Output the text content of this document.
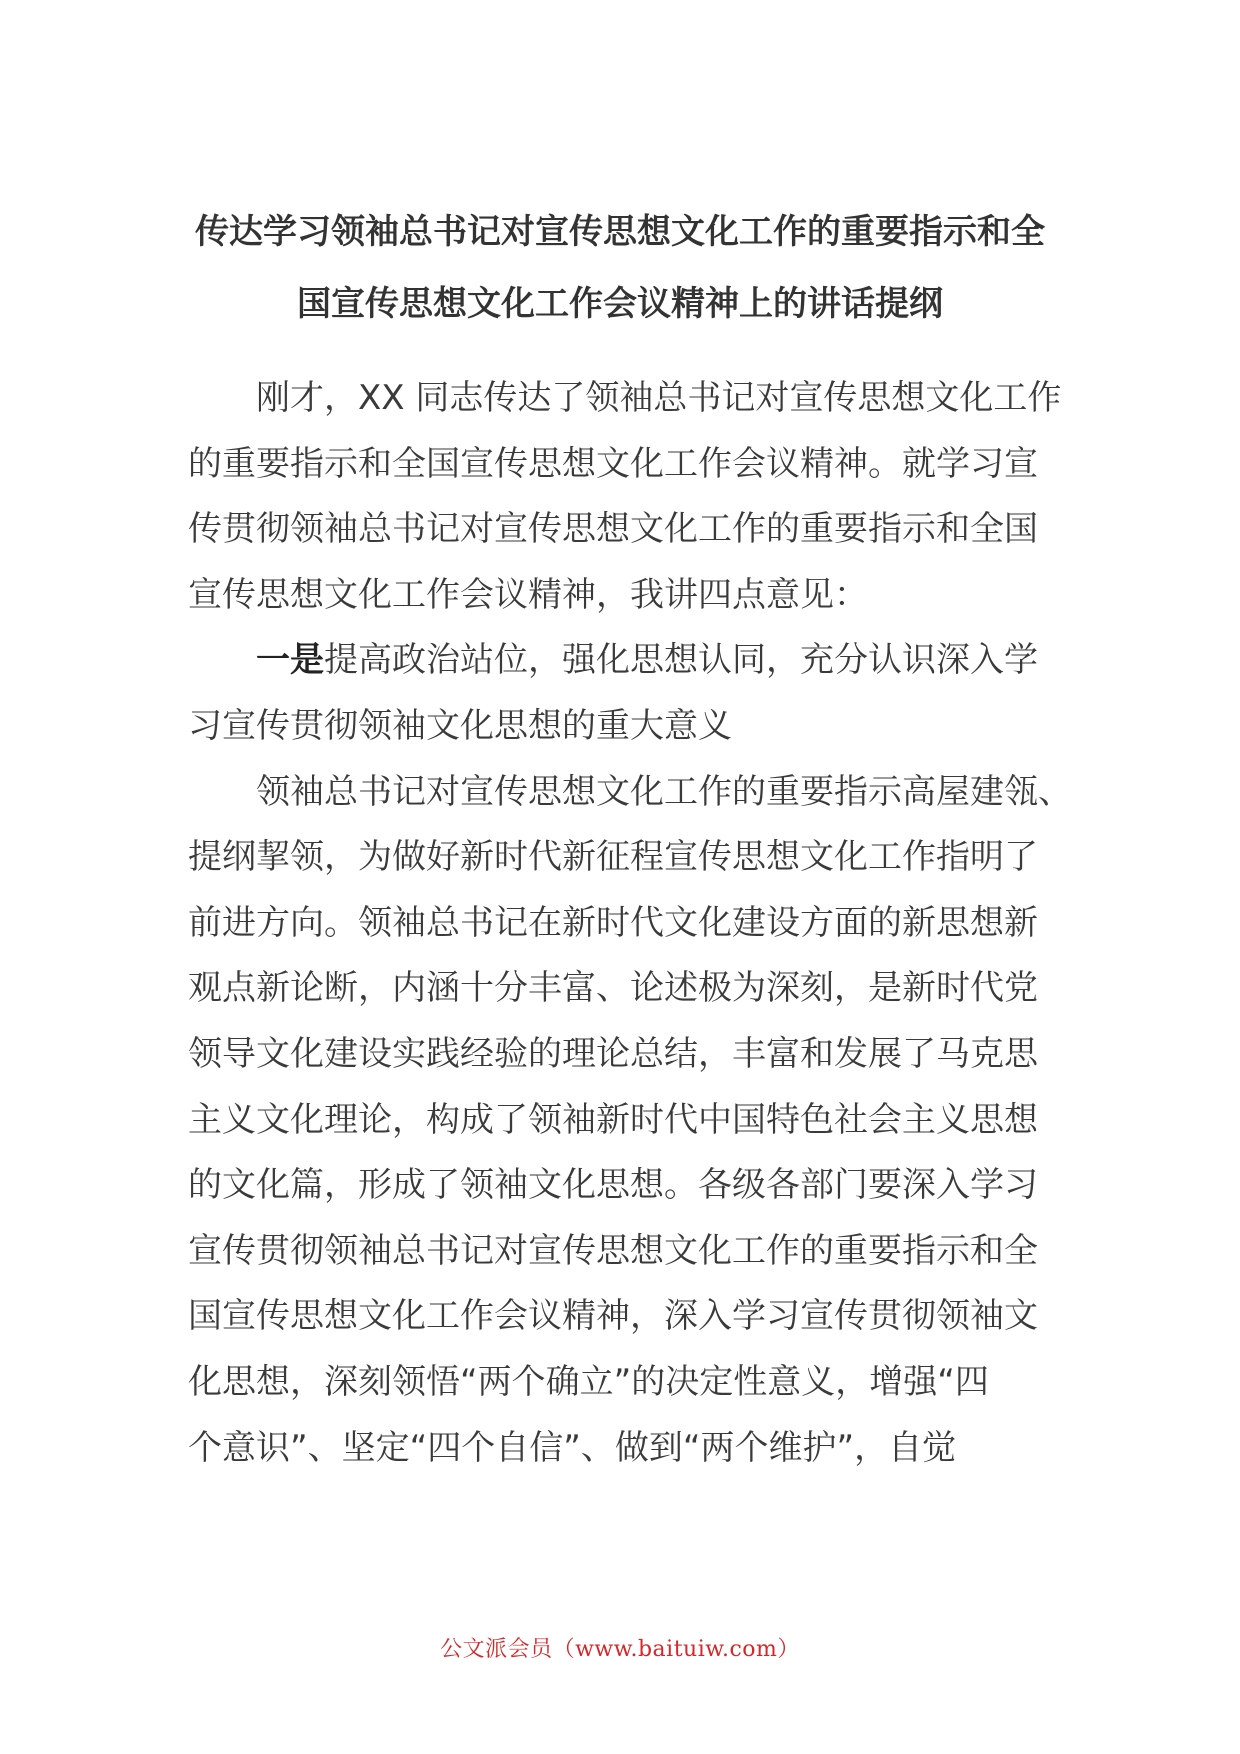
传达学习领袖总书记对宣传思想文化工作的重要指示和全
国宣传思想文化工作会议精神上的讲话提纲
刚才，XX 同志传达了领袖总书记对宣传思想文化工作
的重要指示和全国宣传思想文化工作会议精神。就学习宣
传贯彻领袖总书记对宣传思想文化工作的重要指示和全国
宣传思想文化工作会议精神，我讲四点意见：
一是提高政治站位，强化思想认同，充分认识深入学
习宣传贯彻领袖文化思想的重大意义
领袖总书记对宣传思想文化工作的重要指示高屋建瓴、
提纲挈领，为做好新时代新征程宣传思想文化工作指明了
前进方向。领袖总书记在新时代文化建设方面的新思想新
观点新论断，内涵十分丰富、论述极为深刻，是新时代党
领导文化建设实践经验的理论总结，丰富和发展了马克思
主义文化理论，构成了领袖新时代中国特色社会主义思想
的文化篇，形成了领袖文化思想。各级各部门要深入学习
宣传贯彻领袖总书记对宣传思想文化工作的重要指示和全
国宣传思想文化工作会议精神，深入学习宣传贯彻领袖文
化思想，深刻领悟“两个确立”的决定性意义，增强“四
个意识”、坚定“四个自信”、做到“两个维护”，自觉
公文派会员（www.baituiw.com）
